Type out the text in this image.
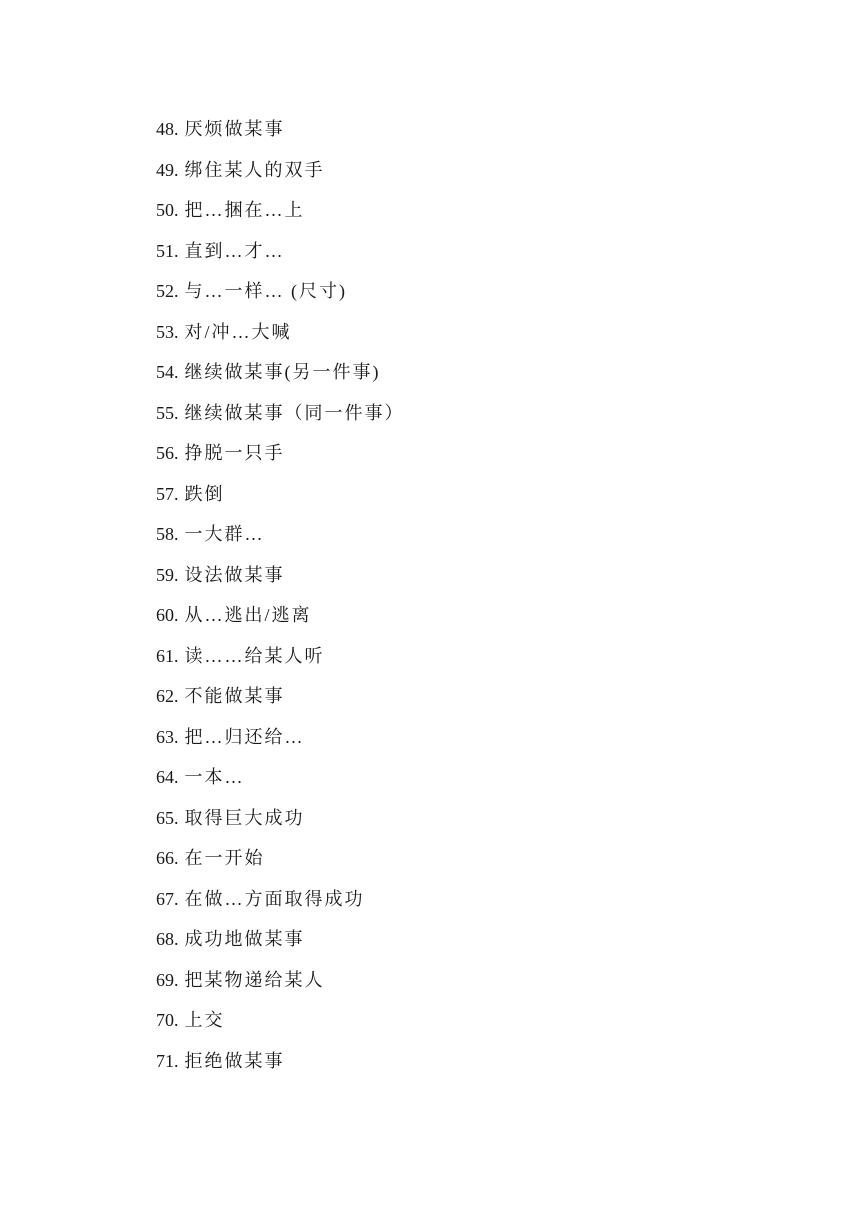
48. 厌烦做某事
49. 绑住某人的双手
50. 把…捆在…上
51. 直到…才…
52. 与…一样… (尺寸)
53. 对/冲…大喊
54. 继续做某事(另一件事)
55. 继续做某事（同一件事）
56. 挣脱一只手
57. 跌倒
58. 一大群…
59. 设法做某事
60. 从…逃出/逃离
61. 读……给某人听
62. 不能做某事
63. 把…归还给…
64. 一本…
65. 取得巨大成功
66. 在一开始
67. 在做…方面取得成功
68. 成功地做某事
69. 把某物递给某人
70. 上交
71. 拒绝做某事
